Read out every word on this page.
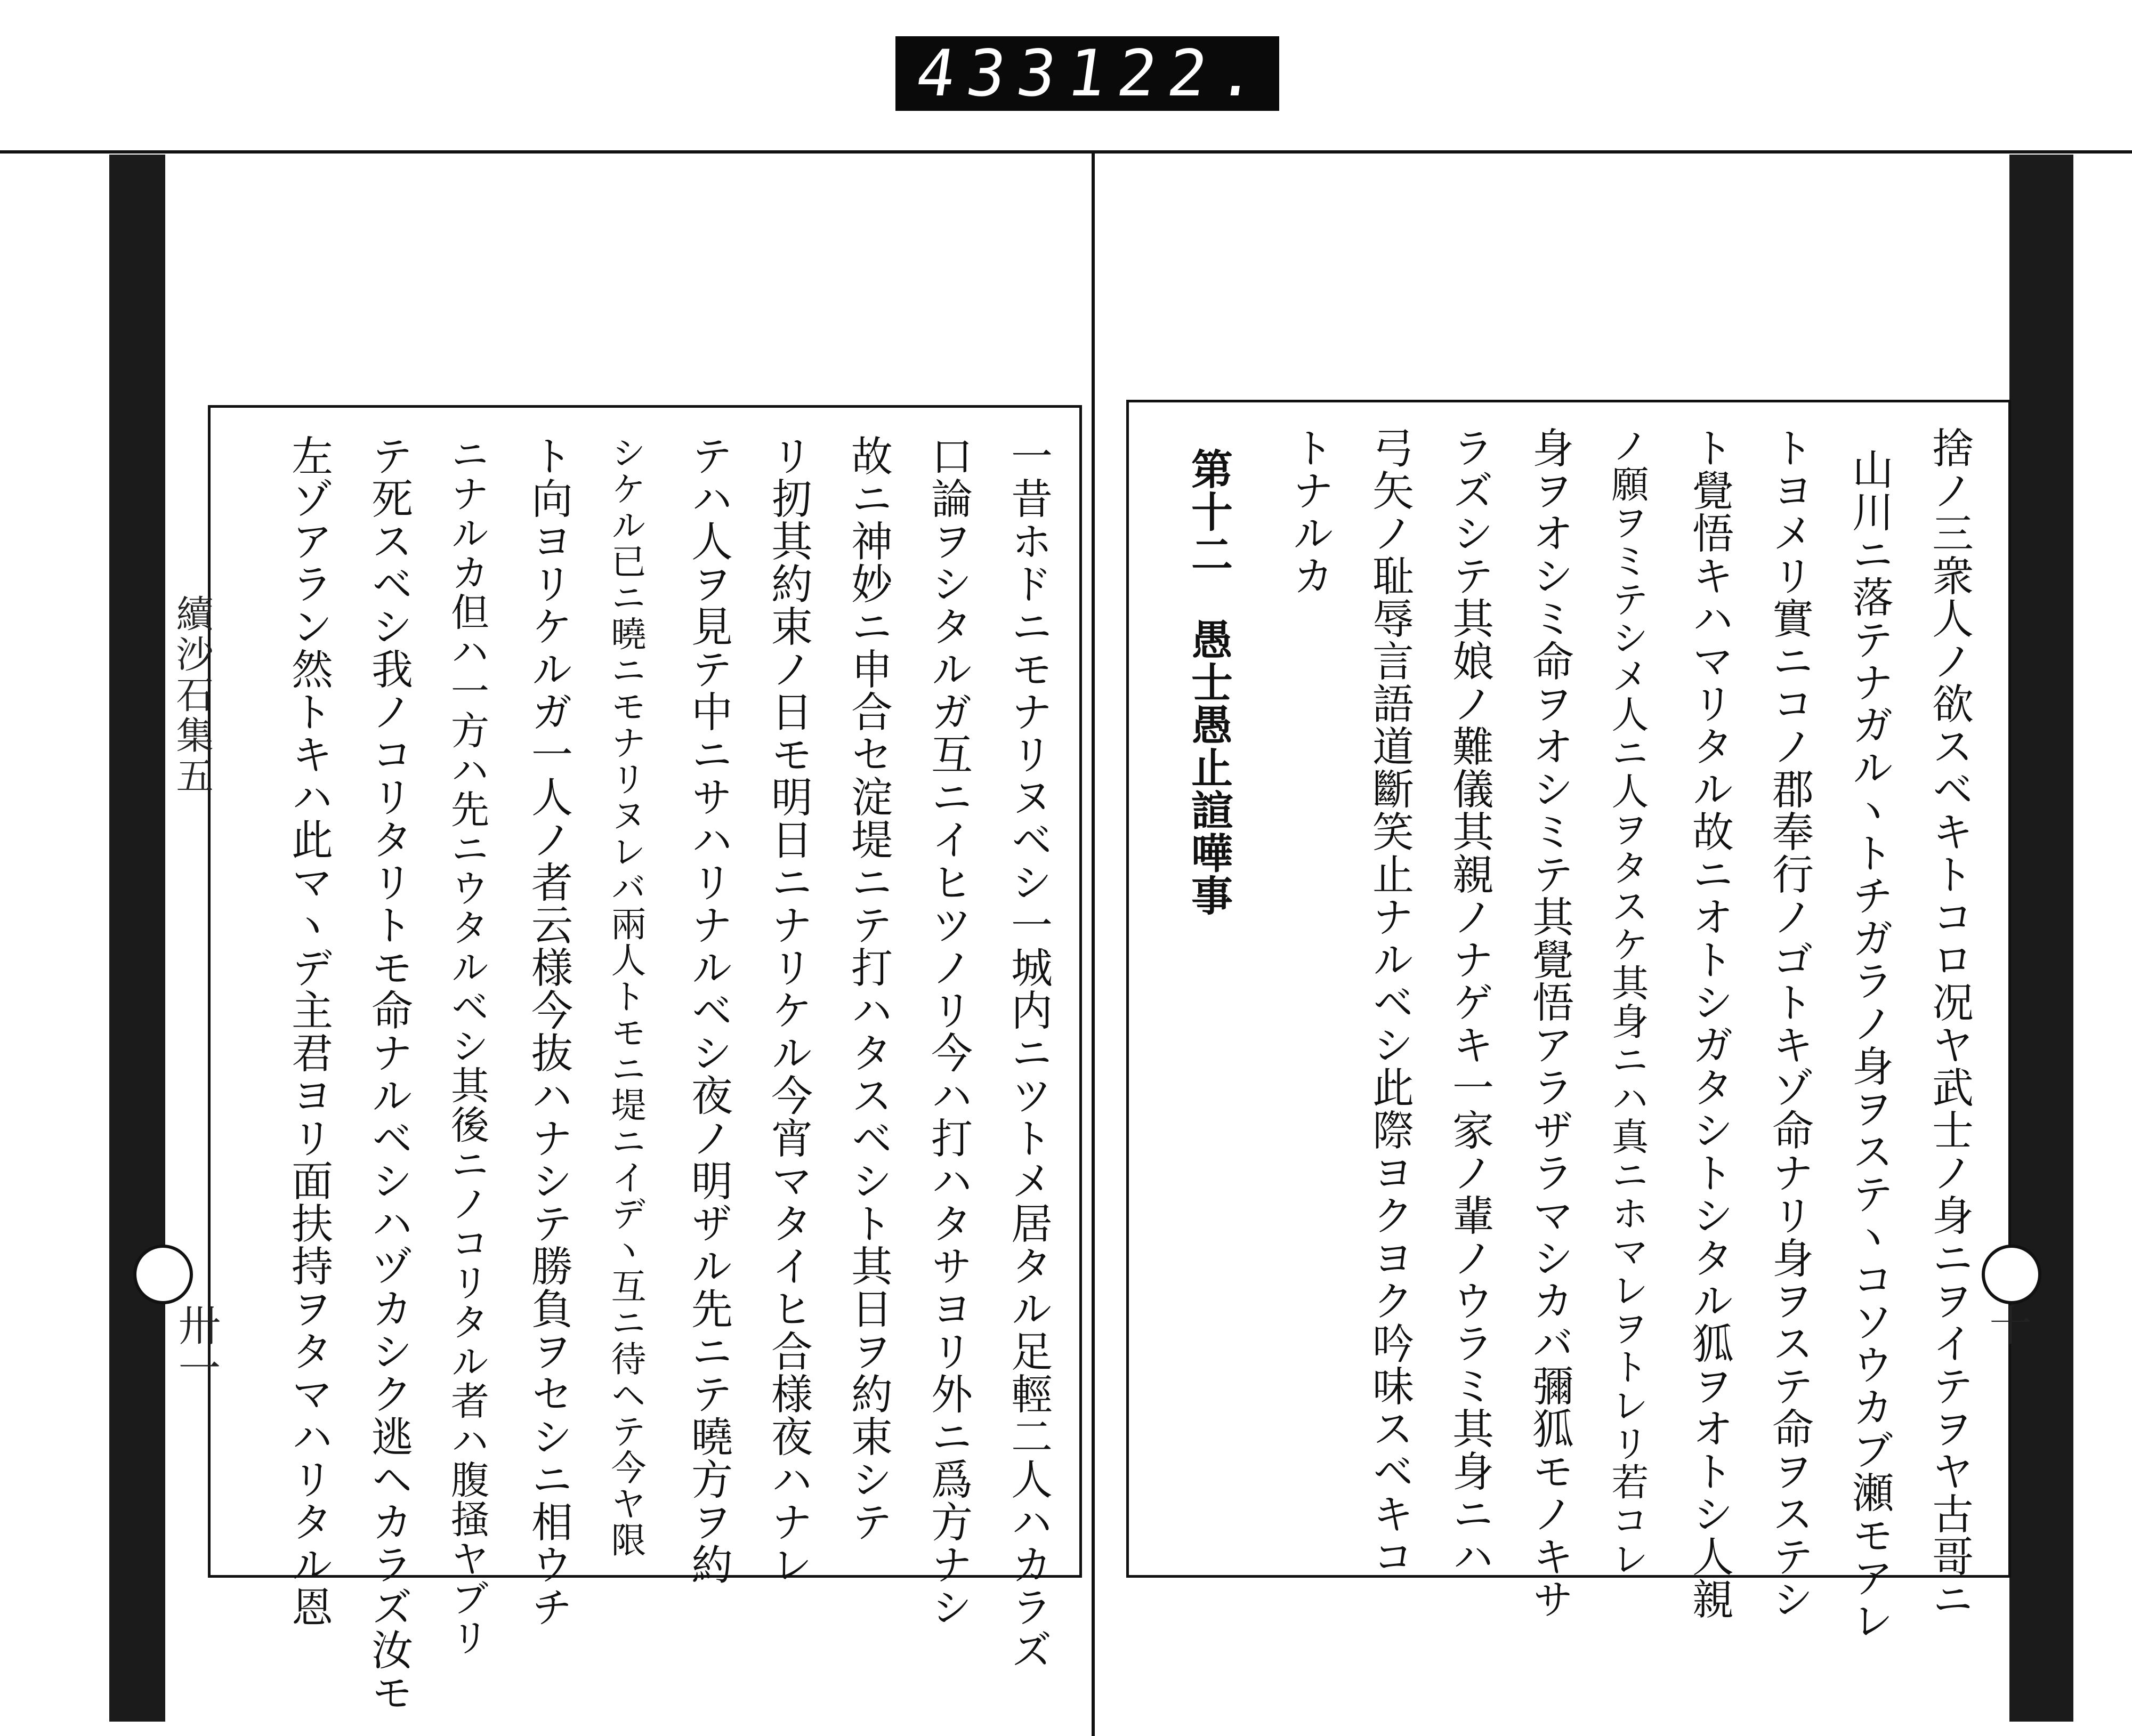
433
122.
續沙石集五
卅一	一昔ホドニモナリヌベシ一城内ニツトメ居タル足輕二人ハカラズ
口論ヲシタルガ互ニイヒツノリ今ハ打ハタサヨリ外ニ爲方ナシ
故ニ神妙ニ申合セ淀堤ニテ打ハタスベシト其日ヲ約束シテ
リ扨其約束ノ日モ明日ニナリケル今宵マタイヒ合様夜ハナレ
テハ人ヲ見テ中ニサハリナルベシ夜ノ明ザル先ニテ曉方ヲ約
シケル已ニ曉ニモナリヌレバ兩人トモニ堤ニイデヽ互ニ待ヘテ今ヤ限
ト向ヨリケルガ一人ノ者云様今抜ハナシテ勝負ヲセシニ相ウチ
ニナルカ但ハ一方ハ先ニウタルベシ其後ニノコリタル者ハ腹掻ヤブリ
テ死スベシ我ノコリタリトモ命ナルベシハヅカシク逃ヘカラズ汝モ
左ゾアラン然トキハ此マヽデ主君ヨリ面扶持ヲタマハリタル恩	十
捨ノ三衆人ノ欲スベキトコロ况ヤ武士ノ身ニヲイテヲヤ古哥ニ
山川ニ落テナガルヽトチガラノ身ヲステヽコソウカブ瀬モアレ
トヨメリ實ニコノ郡奉行ノゴトキゾ命ナリ身ヲステ命ヲステシ
ト覺悟キハマリタル故ニオトシガタシトシタル狐ヲオトシ人親
ノ願ヲミテシメ人ニ人ヲタスケ其身ニハ真ニホマレヲトレリ若コレ
身ヲオシミ命ヲオシミテ其覺悟アラザラマシカバ彌狐モノキサ
ラズシテ其娘ノ難儀其親ノナゲキ一家ノ輩ノウラミ其身ニハ
弓矢ノ耻辱言語道斷笑止ナルベシ此際ヨクヨク吟味スベキコ
トナルカ
第十二　愚士愚止諠嘩事
